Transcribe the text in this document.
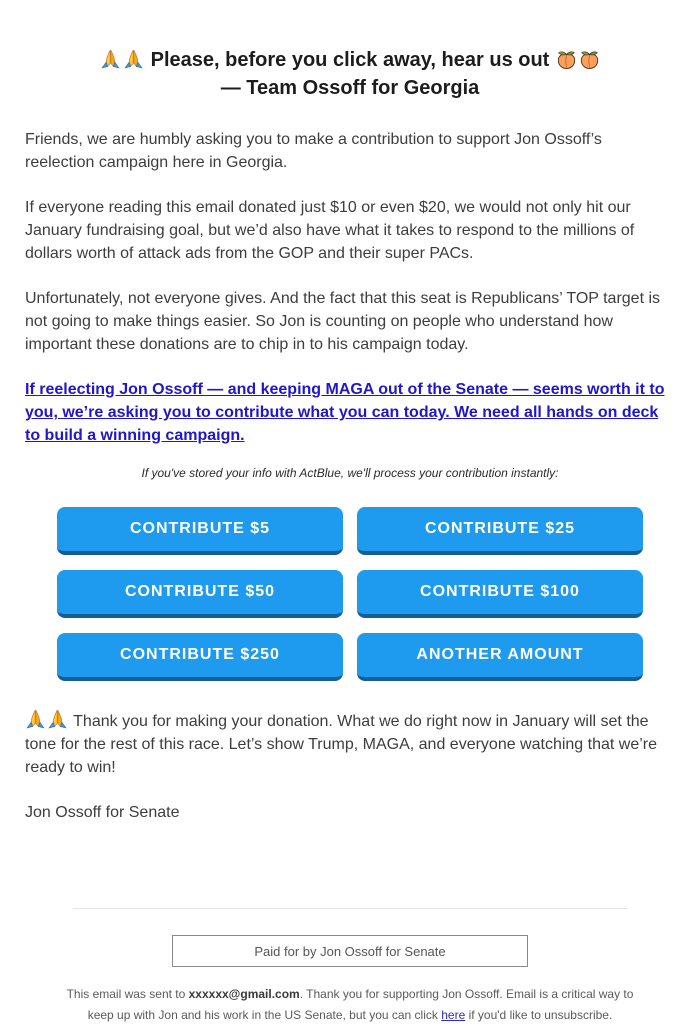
Please, before you click away, hear us out
— Team Ossoff for Georgia

Friends, we are humbly asking you to make a contribution to support Jon Ossoff’s reelection campaign here in Georgia.

If everyone reading this email donated just $10 or even $20, we would not only hit our January fundraising goal, but we’d also have what it takes to respond to the millions of dollars worth of attack ads from the GOP and their super PACs.

Unfortunately, not everyone gives. And the fact that this seat is Republicans’ TOP target is not going to make things easier. So Jon is counting on people who understand how important these donations are to chip in to his campaign today.

If reelecting Jon Ossoff — and keeping MAGA out of the Senate — seems worth it to you, we’re asking you to contribute what you can today. We need all hands on deck to build a winning campaign.

If you've stored your info with ActBlue, we'll process your contribution instantly:

CONTRIBUTE $5	CONTRIBUTE $25
CONTRIBUTE $50	CONTRIBUTE $100
CONTRIBUTE $250	ANOTHER AMOUNT

Thank you for making your donation. What we do right now in January will set the tone for the rest of this race. Let’s show Trump, MAGA, and everyone watching that we’re ready to win!

Jon Ossoff for Senate

Paid for by Jon Ossoff for Senate

This email was sent to xxxxxx@gmail.com. Thank you for supporting Jon Ossoff. Email is a critical way to keep up with Jon and his work in the US Senate, but you can click here if you'd like to unsubscribe.
